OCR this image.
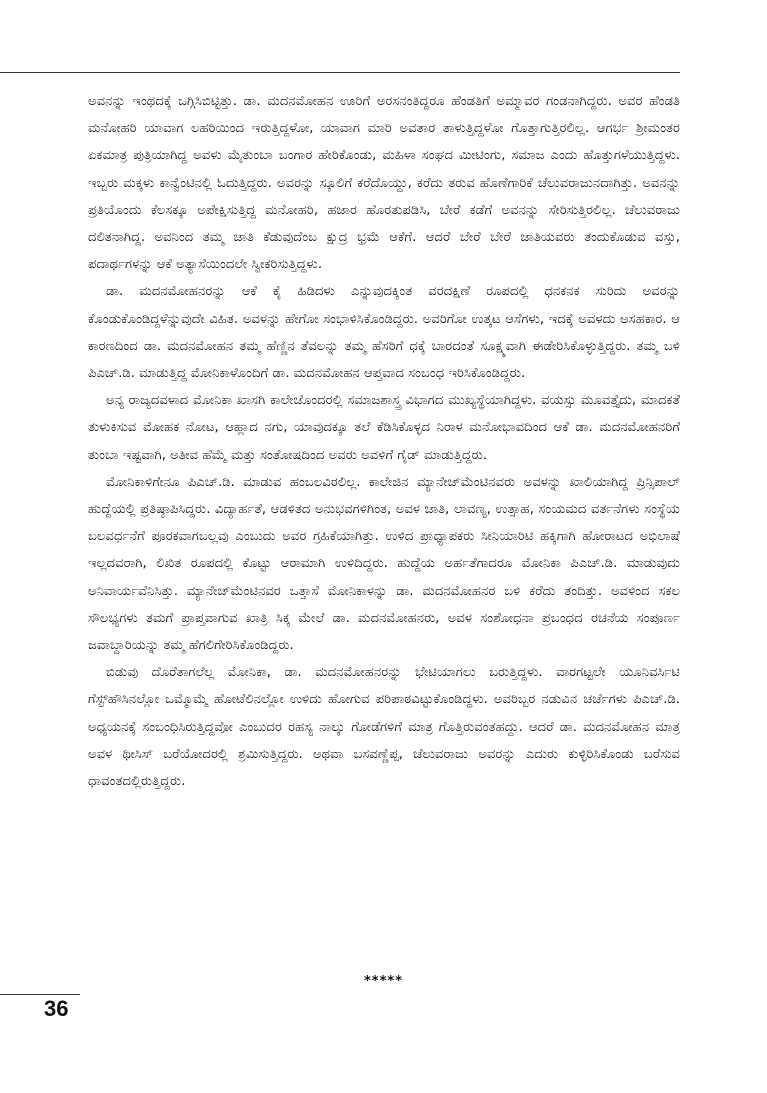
ಅವನನ್ನು ಇಂಥದಕ್ಕೆ ಒಗ್ಗಿಸಿಬಿಟ್ಟಿತ್ತು. ಡಾ. ಮದನಮೋಹನ ಊರಿಗೆ ಅರಸನಂತಿದ್ದರೂ ಹೆಂಡತಿಗೆ ಅಮ್ಮಾವರ ಗಂಡನಾಗಿದ್ದರು. ಅವರ ಹೆಂಡತಿ ಮನೋಹರಿ ಯಾವಾಗ ಲಹರಿಯಿಂದ ಇರುತ್ತಿದ್ದಳೋ, ಯಾವಾಗ ಮಾರಿ ಅವತಾರ ತಾಳುತ್ತಿದ್ದಳೋ ಗೊತ್ತಾಗುತ್ತಿರಲಿಲ್ಲ. ಆಗರ್ಭ ಶ್ರೀಮಂತರ ಏಕಮಾತ್ರ ಪುತ್ರಿಯಾಗಿದ್ದ ಅವಳು ಮೈತುಂಬಾ ಬಂಗಾರ ಹೇರಿಕೊಂಡು, ಮಹಿಳಾ ಸಂಘದ ಮೀಟಿಂಗು, ಸಮಾಜ ಎಂದು ಹೊತ್ತುಗಳೆಯುತ್ತಿದ್ದಳು. ಇಬ್ಬರು ಮಕ್ಕಳು ಕಾನ್ವೆಂಟಿನಲ್ಲಿ ಓದುತ್ತಿದ್ದರು. ಅವರನ್ನು ಸ್ಕೂಲಿಗೆ ಕರೆದೊಯ್ದು, ಕರೆದು ತರುವ ಹೊಣೆಗಾರಿಕೆ ಚೆಲುವರಾಜುನದಾಗಿತ್ತು. ಅವನನ್ನು ಪ್ರತಿಯೊಂದು ಕೆಲಸಕ್ಕೂ ಅಪೇಕ್ಷಿಸುತ್ತಿದ್ದ ಮನೋಹರಿ, ಹಜಾರ ಹೊರತುಪಡಿಸಿ, ಬೇರೆ ಕಡೆಗೆ ಅವನನ್ನು ಸೇರಿಸುತ್ತಿರಲಿಲ್ಲ. ಚೆಲುವರಾಜು ದಲಿತನಾಗಿದ್ದ. ಅವನಿಂದ ತಮ್ಮ ಜಾತಿ ಕೆಡುವುದೆಂಬ ಕ್ಷುದ್ರ ಭ್ರಮೆ ಆಕೆಗೆ. ಆದರೆ ಬೇರೆ ಬೇರೆ ಜಾತಿಯವರು ತಂದುಕೊಡುವ ವಸ್ತು, ಪದಾರ್ಥಗಳನ್ನು ಆಕೆ ಅತ್ಯಾಸೆಯಿಂದಲೇ ಸ್ವೀಕರಿಸುತ್ತಿದ್ದಳು.

ಡಾ. ಮದನಮೋಹನರನ್ನು ಆಕೆ ಕೈ ಹಿಡಿದಳು ಎನ್ನುವುದಕ್ಕಿಂತ ವರದಕ್ಷಿಣೆ ರೂಪದಲ್ಲಿ ಧನಕನಕ ಸುರಿದು ಅವರನ್ನು ಕೊಂಡುಕೊಂಡಿದ್ದಳೆನ್ನುವುದೇ ವಿಹಿತ. ಅವಳನ್ನು ಹೇಗೋ ಸಂಭಾಳಿಸಿಕೊಂಡಿದ್ದರು. ಅವರಿಗೋ ಉತ್ಕಟ ಆಸೆಗಳು, ಇದಕ್ಕೆ ಅವಳದು ಅಸಹಕಾರ. ಆ ಕಾರಣದಿಂದ ಡಾ. ಮದನಮೋಹನ ತಮ್ಮ ಹೆಣ್ಣಿನ ತೆವಲನ್ನು ತಮ್ಮ ಹೆಸರಿಗೆ ಧಕ್ಕೆ ಬಾರದಂತೆ ಸೂಕ್ಷ್ಮವಾಗಿ ಈಡೇರಿಸಿಕೊಳ್ಳುತ್ತಿದ್ದರು. ತಮ್ಮ ಬಳಿ ಪಿಎಚ್.ಡಿ. ಮಾಡುತ್ತಿದ್ದ ಮೋನಿಕಾಳೊಂದಿಗೆ ಡಾ. ಮದನಮೋಹನ ಆಪ್ತವಾದ ಸಂಬಂಧ ಇರಿಸಿಕೊಂಡಿದ್ದರು.

ಅನ್ಯ ರಾಜ್ಯದವಳಾದ ಮೋನಿಕಾ ಖಾಸಗಿ ಕಾಲೇಜೊಂದರಲ್ಲಿ ಸಮಾಜಶಾಸ್ತ್ರ ವಿಭಾಗದ ಮುಖ್ಯಸ್ಥೆಯಾಗಿದ್ದಳು. ವಯಸ್ಸು ಮೂವತ್ತೈದು, ಮಾದಕತೆ ತುಳುಕಿಸುವ ಮೋಹಕ ನೋಟ, ಆಹ್ಲಾದ ನಗು, ಯಾವುದಕ್ಕೂ ತಲೆ ಕೆಡಿಸಿಕೊಳ್ಳದ ನಿರಾಳ ಮನೋಭಾವದಿಂದ ಆಕೆ ಡಾ. ಮದನಮೋಹನರಿಗೆ ತುಂಬಾ ಇಷ್ಟವಾಗಿ, ಅತೀವ ಹೆಮ್ಮೆ ಮತ್ತು ಸಂತೋಷದಿಂದ ಅವರು ಅವಳಿಗೆ ಗೈಡ್ ಮಾಡುತ್ತಿದ್ದರು.

ಮೋನಿಕಾಳಿಗೇನೂ ಪಿಎಚ್.ಡಿ. ಮಾಡುವ ಹಂಬಲವಿರಲಿಲ್ಲ. ಕಾಲೇಜಿನ ಮ್ಯಾನೇಜ್‌ಮೆಂಟಿನವರು ಅವಳನ್ನು ಖಾಲಿಯಾಗಿದ್ದ ಪ್ರಿನ್ಸಿಪಾಲ್ ಹುದ್ದೆಯಲ್ಲಿ ಪ್ರತಿಷ್ಠಾಪಿಸಿದ್ದರು. ವಿದ್ಯಾರ್ಹತೆ, ಆಡಳಿತದ ಅನುಭವಗಳಿಗಿಂತ, ಅವಳ ಜಾತಿ, ಲಾವಣ್ಯ, ಉತ್ಸಾಹ, ಸಂಯಮದ ವರ್ತನೆಗಳು ಸಂಸ್ಥೆಯ ಬಲವರ್ಧನೆಗೆ ಪೂರಕವಾಗಬಲ್ಲವು ಎಂಬುದು ಅವರ ಗ್ರಹಿಕೆಯಾಗಿತ್ತು. ಉಳಿದ ಪ್ರಾಧ್ಯಾಪಕರು ಸೀನಿಯಾರಿಟಿ ಹಕ್ಕಿಗಾಗಿ ಹೋರಾಟದ ಅಭಿಲಾಷೆ ಇಲ್ಲದವರಾಗಿ, ಲಿಖಿತ ರೂಪದಲ್ಲಿ ಕೊಟ್ಟು ಆರಾಮಾಗಿ ಉಳಿದಿದ್ದರು. ಹುದ್ದೆಯ ಅರ್ಹತೆಗಾದರೂ ಮೋನಿಕಾ ಪಿಎಚ್.ಡಿ. ಮಾಡುವುದು ಅನಿವಾರ್ಯವೆನಿಸಿತ್ತು. ಮ್ಯಾನೇಜ್‌ಮೆಂಟಿನವರ ಒತ್ತಾಸೆ ಮೋನಿಕಾಳನ್ನು ಡಾ. ಮದನಮೋಹನರ ಬಳಿ ಕರೆದು ತಂದಿತ್ತು. ಅವಳಿಂದ ಸಕಲ ಸೌಲಭ್ಯಗಳು ತಮಗೆ ಪ್ರಾಪ್ತವಾಗುವ ಖಾತ್ರಿ ಸಿಕ್ಕ ಮೇಲೆ ಡಾ. ಮದನಮೋಹನರು, ಅವಳ ಸಂಶೋಧನಾ ಪ್ರಬಂಧದ ರಚನೆಯ ಸಂಪೂರ್ಣ ಜವಾಬ್ದಾರಿಯನ್ನು ತಮ್ಮ ಹೆಗಲಿಗೇರಿಸಿಕೊಂಡಿದ್ದರು.

ಬಿಡುವು ದೊರೆತಾಗಲೆಲ್ಲ ಮೋನಿಕಾ, ಡಾ. ಮದನಮೋಹನರನ್ನು ಭೇಟಿಯಾಗಲು ಬರುತ್ತಿದ್ದಳು. ವಾರಗಟ್ಟಲೇ ಯೂನಿವರ್ಸಿಟಿ ಗೆಸ್ಟ್‌ಹೌಸಿನಲ್ಲೋ ಒಮ್ಮೊಮ್ಮೆ ಹೋಟೆಲಿನಲ್ಲೋ ಉಳಿದು ಹೋಗುವ ಪರಿಪಾಠವಿಟ್ಟುಕೊಂಡಿದ್ದಳು. ಅವರಿಬ್ಬರ ನಡುವಿನ ಚರ್ಚೆಗಳು ಪಿಎಚ್.ಡಿ. ಅಧ್ಯಯನಕ್ಕೆ ಸಂಬಂಧಿಸಿರುತ್ತಿದ್ದವೋ ಎಂಬುದರ ರಹಸ್ಯ ನಾಲ್ಕು ಗೋಡೆಗಳಿಗೆ ಮಾತ್ರ ಗೊತ್ತಿರುವಂತಹದ್ದು. ಆದರೆ ಡಾ. ಮದನಮೋಹನ ಮಾತ್ರ ಅವಳ ಥೀಸಿಸ್ ಬರೆಯೋದರಲ್ಲಿ ಶ್ರಮಿಸುತ್ತಿದ್ದರು. ಅಥವಾ ಬಸವಣ್ಣೆಪ್ಪ, ಚೆಲುವರಾಜು ಅವರನ್ನು ಎದುರು ಕುಳ್ಳಿರಿಸಿಕೊಂಡು ಬರೆಸುವ ಧಾವಂತದಲ್ಲಿರುತ್ತಿದ್ದರು.

*****
36
